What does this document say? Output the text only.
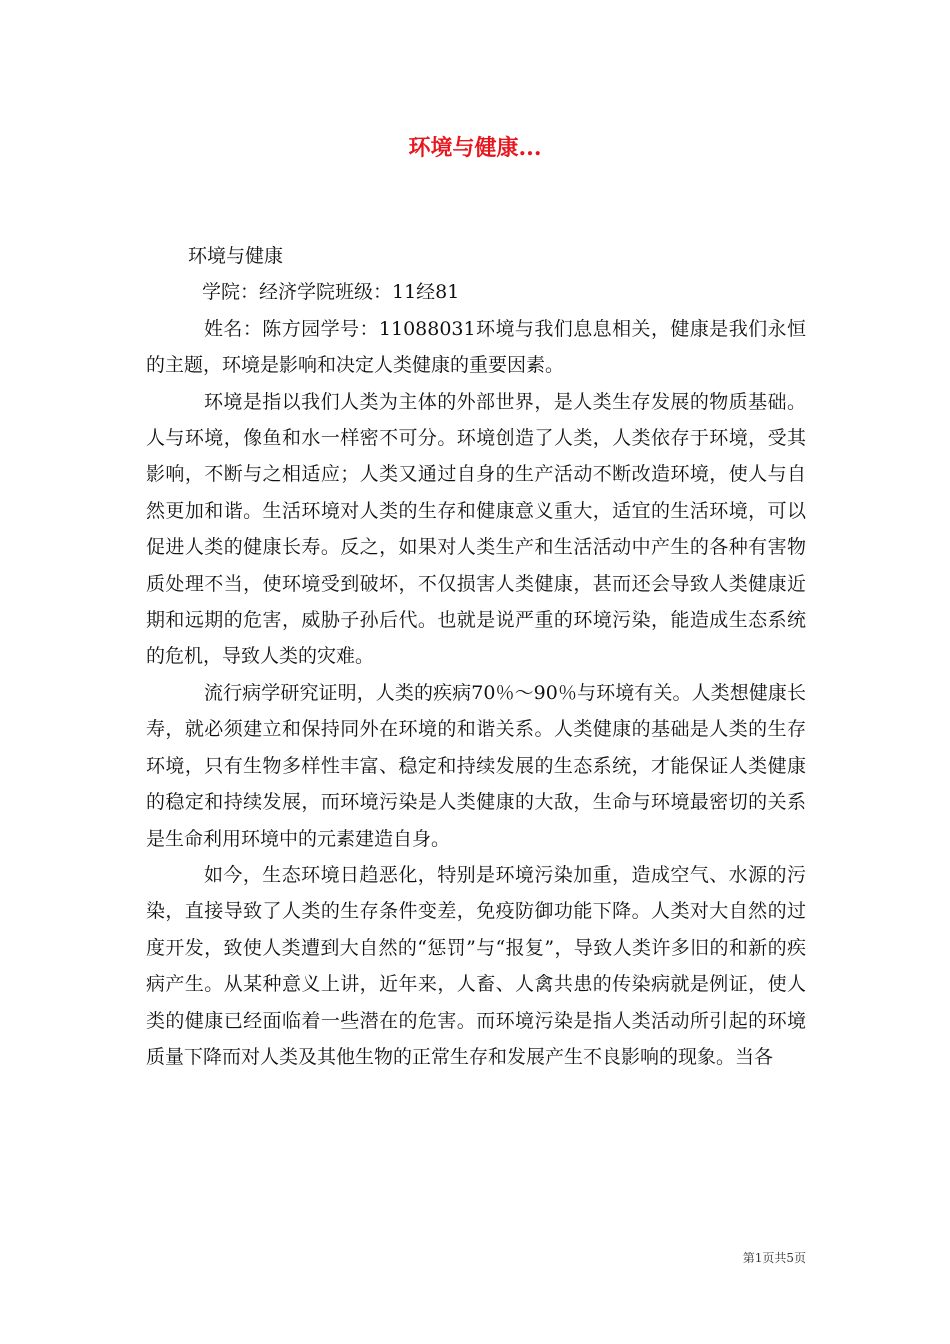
环境与健康...

环境与健康

学院：经济学院班级：11经81

姓名：陈方园学号：11088031环境与我们息息相关，健康是我们永恒的主题，环境是影响和决定人类健康的重要因素。

环境是指以我们人类为主体的外部世界，是人类生存发展的物质基础。人与环境，像鱼和水一样密不可分。环境创造了人类，人类依存于环境，受其影响，不断与之相适应；人类又通过自身的生产活动不断改造环境，使人与自然更加和谐。生活环境对人类的生存和健康意义重大，适宜的生活环境，可以促进人类的健康长寿。反之，如果对人类生产和生活活动中产生的各种有害物质处理不当，使环境受到破坏，不仅损害人类健康，甚而还会导致人类健康近期和远期的危害，威胁子孙后代。也就是说严重的环境污染，能造成生态系统的危机，导致人类的灾难。

流行病学研究证明，人类的疾病70％～90％与环境有关。人类想健康长寿，就必须建立和保持同外在环境的和谐关系。人类健康的基础是人类的生存环境，只有生物多样性丰富、稳定和持续发展的生态系统，才能保证人类健康的稳定和持续发展，而环境污染是人类健康的大敌，生命与环境最密切的关系是生命利用环境中的元素建造自身。

如今，生态环境日趋恶化，特别是环境污染加重，造成空气、水源的污染，直接导致了人类的生存条件变差，免疫防御功能下降。人类对大自然的过度开发，致使人类遭到大自然的“惩罚”与“报复”，导致人类许多旧的和新的疾病产生。从某种意义上讲，近年来，人畜、人禽共患的传染病就是例证，使人类的健康已经面临着一些潜在的危害。而环境污染是指人类活动所引起的环境质量下降而对人类及其他生物的正常生存和发展产生不良影响的现象。当各

第1页共5页
